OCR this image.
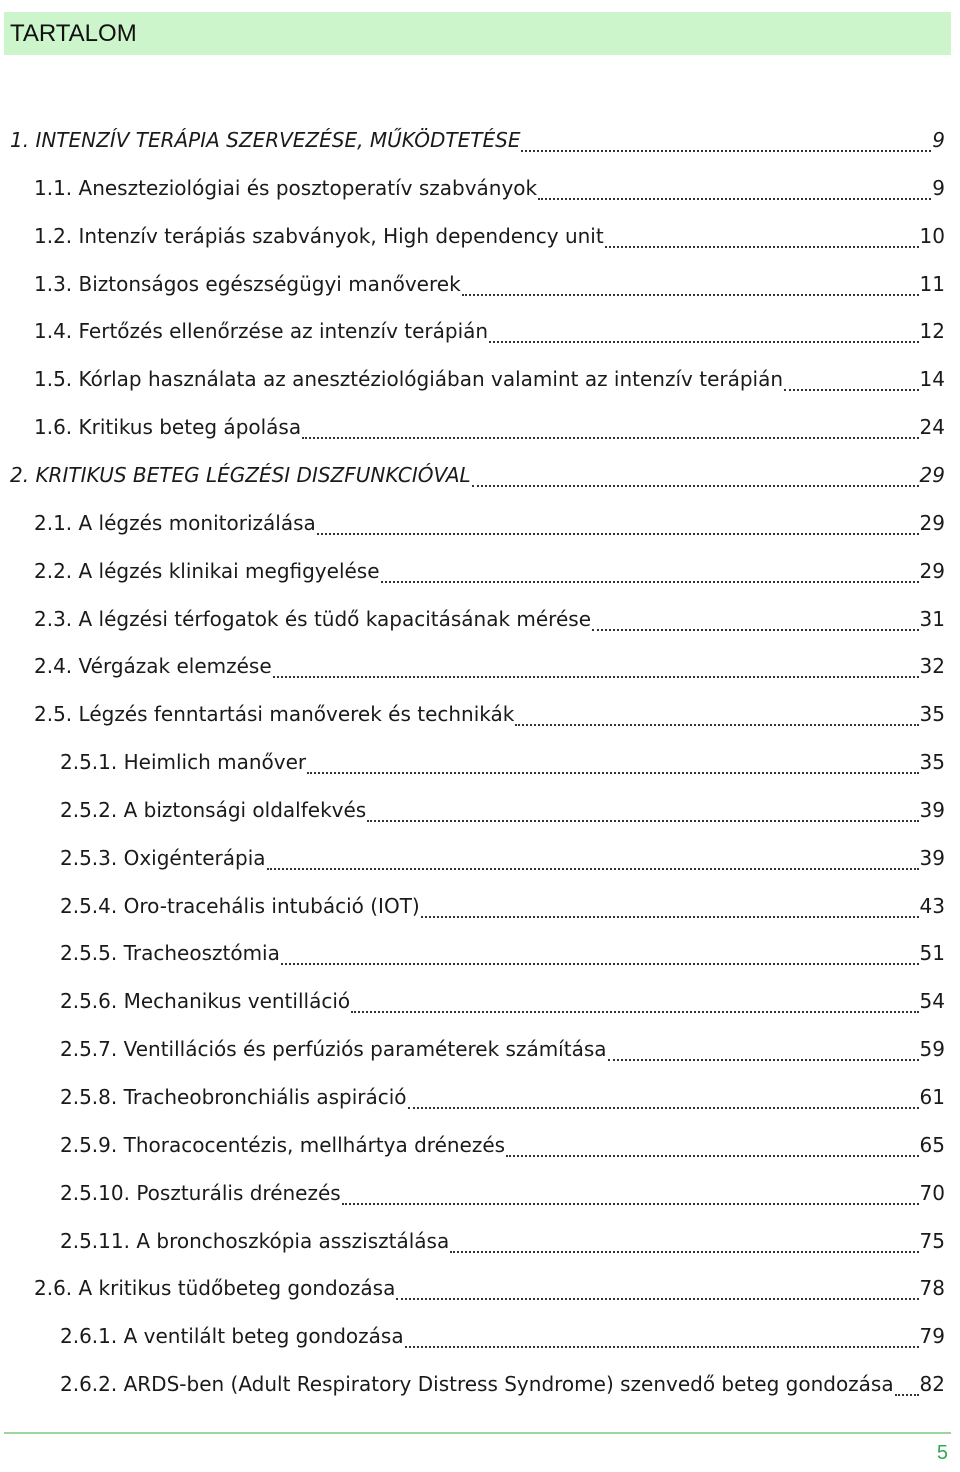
TARTALOM
1. INTENZÍV TERÁPIA SZERVEZÉSE, MŰKÖDTETÉSE	9
1.1. Aneszteziológiai és posztoperatív szabványok	9
1.2. Intenzív terápiás szabványok, High dependency unit	10
1.3. Biztonságos egészségügyi manőverek	11
1.4. Fertőzés ellenőrzése az intenzív terápián	12
1.5. Kórlap használata az anesztéziológiában valamint az intenzív terápián	14
1.6. Kritikus beteg ápolása	24
2. KRITIKUS BETEG LÉGZÉSI DISZFUNKCIÓVAL	29
2.1. A légzés monitorizálása	29
2.2. A légzés klinikai megfigyelése	29
2.3. A légzési térfogatok és tüdő kapacitásának mérése	31
2.4. Vérgázak elemzése	32
2.5. Légzés fenntartási manőverek és technikák	35
2.5.1. Heimlich manőver	35
2.5.2. A biztonsági oldalfekvés	39
2.5.3. Oxigénterápia	39
2.5.4. Oro-tracehális intubáció (IOT)	43
2.5.5. Tracheosztómia	51
2.5.6. Mechanikus ventilláció	54
2.5.7. Ventillációs és perfúziós paraméterek számítása	59
2.5.8. Tracheobronchiális aspiráció	61
2.5.9. Thoracocentézis, mellhártya drénezés	65
2.5.10. Poszturális drénezés	70
2.5.11. A bronchoszkópia asszisztálása	75
2.6. A kritikus tüdőbeteg gondozása	78
2.6.1. A ventilált beteg gondozása	79
2.6.2. ARDS-ben (Adult Respiratory Distress Syndrome) szenvedő beteg gondozása 82
5
